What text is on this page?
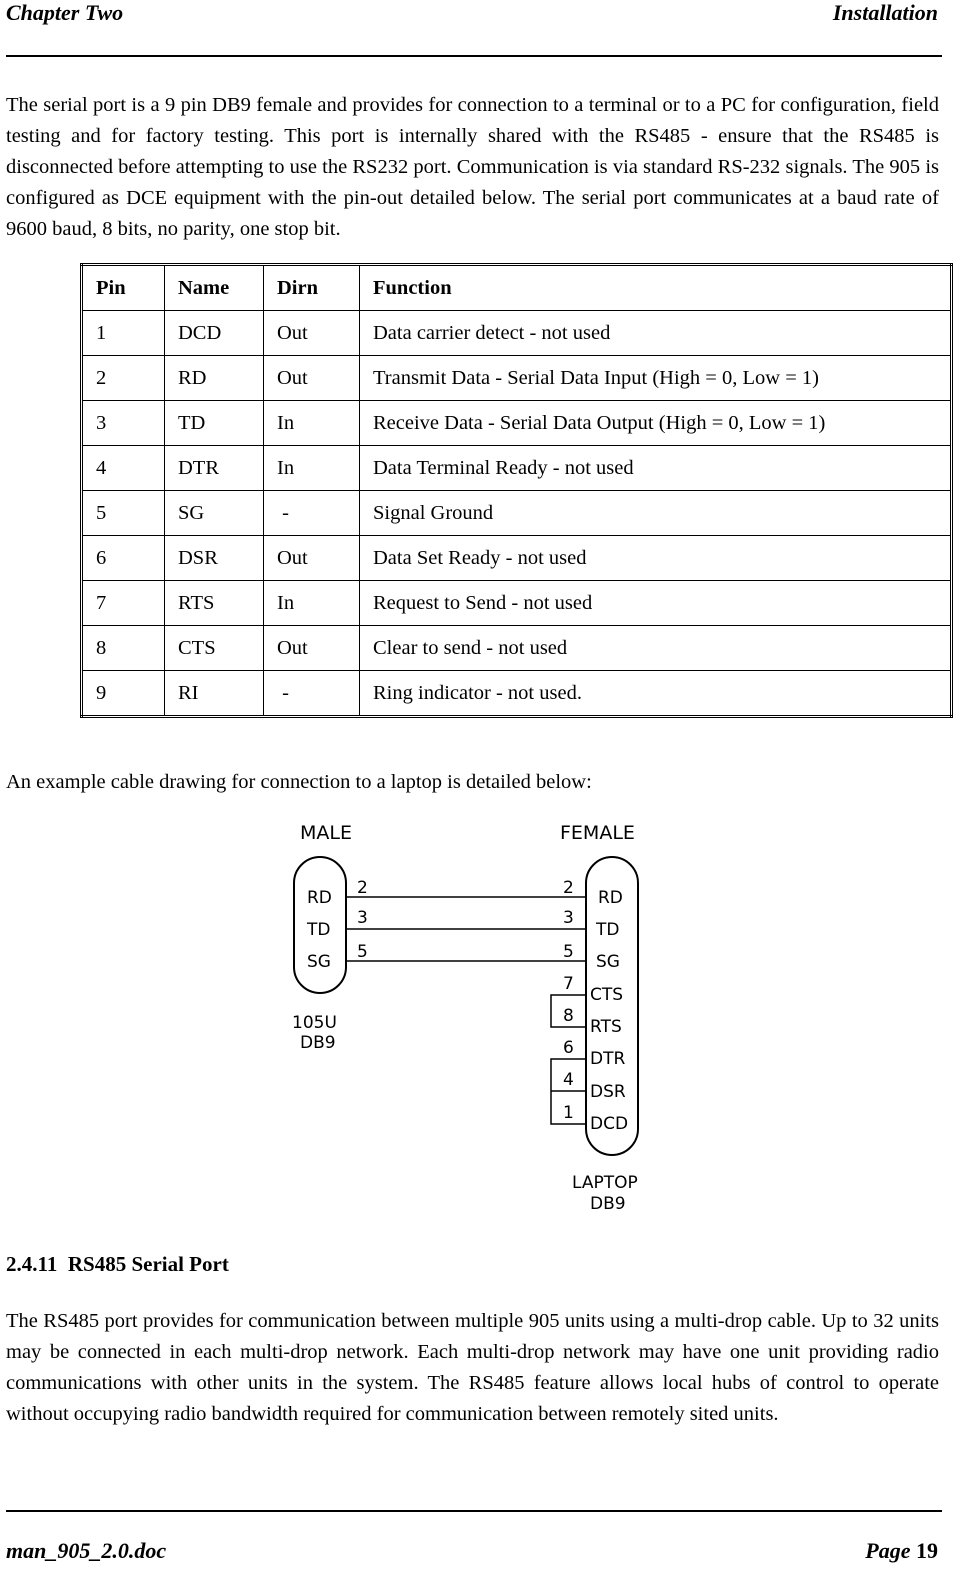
Chapter Two	Installation

The serial port is a 9 pin DB9 female and provides for connection to a terminal or to a PC for configuration, field testing and for factory testing. This port is internally shared with the RS485 - ensure that the RS485 is disconnected before attempting to use the RS232 port. Communication is via standard RS-232 signals. The 905 is configured as DCE equipment with the pin-out detailed below. The serial port communicates at a baud rate of 9600 baud, 8 bits, no parity, one stop bit.

Pin	Name	Dirn	Function
1	DCD	Out	Data carrier detect - not used
2	RD	Out	Transmit Data - Serial Data Input (High = 0, Low = 1)
3	TD	In	Receive Data - Serial Data Output (High = 0, Low = 1)
4	DTR	In	Data Terminal Ready - not used
5	SG	-	Signal Ground
6	DSR	Out	Data Set Ready - not used
7	RTS	In	Request to Send - not used
8	CTS	Out	Clear to send - not used
9	RI	-	Ring indicator - not used.

An example cable drawing for connection to a laptop is detailed below:

MALE	FEMALE
RD
TD
SG
2
3
5
105U
DB9
RD
TD
SG
CTS
RTS
DTR
DSR
DCD
2
3
5
7
8
6
4
1
LAPTOP
DB9
2.4.11 RS485 Serial Port

The RS485 port provides for communication between multiple 905 units using a multi-drop cable. Up to 32 units may be connected in each multi-drop network. Each multi-drop network may have one unit providing radio communications with other units in the system. The RS485 feature allows local hubs of control to operate without occupying radio bandwidth required for communication between remotely sited units.

man_905_2.0.doc	Page 19
